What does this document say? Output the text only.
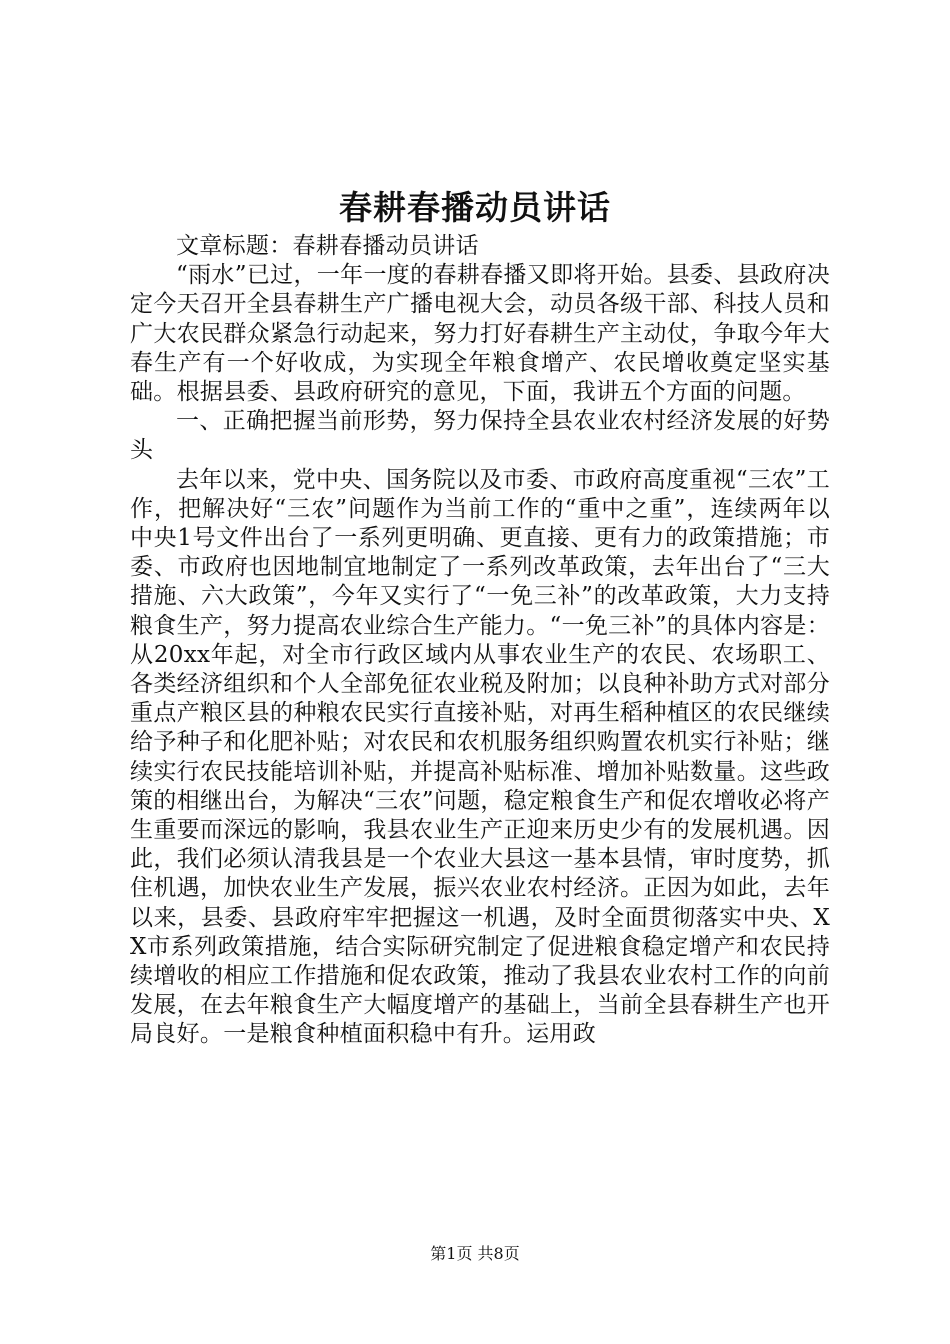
春耕春播动员讲话

文章标题：春耕春播动员讲话

“雨水”已过，一年一度的春耕春播又即将开始。县委、县政府决定今天召开全县春耕生产广播电视大会，动员各级干部、科技人员和广大农民群众紧急行动起来，努力打好春耕生产主动仗，争取今年大春生产有一个好收成，为实现全年粮食增产、农民增收奠定坚实基础。根据县委、县政府研究的意见，下面，我讲五个方面的问题。

一、正确把握当前形势，努力保持全县农业农村经济发展的好势头

去年以来，党中央、国务院以及市委、市政府高度重视“三农”工作，把解决好“三农”问题作为当前工作的“重中之重”，连续两年以中央1号文件出台了一系列更明确、更直接、更有力的政策措施；市委、市政府也因地制宜地制定了一系列改革政策，去年出台了“三大措施、六大政策”，今年又实行了“一免三补”的改革政策，大力支持粮食生产，努力提高农业综合生产能力。“一免三补”的具体内容是：从20xx年起，对全市行政区域内从事农业生产的农民、农场职工、各类经济组织和个人全部免征农业税及附加；以良种补助方式对部分重点产粮区县的种粮农民实行直接补贴，对再生稻种植区的农民继续给予种子和化肥补贴；对农民和农机服务组织购置农机实行补贴；继续实行农民技能培训补贴，并提高补贴标准、增加补贴数量。这些政策的相继出台，为解决“三农”问题，稳定粮食生产和促农增收必将产生重要而深远的影响，我县农业生产正迎来历史少有的发展机遇。因此，我们必须认清我县是一个农业大县这一基本县情，审时度势，抓住机遇，加快农业生产发展，振兴农业农村经济。正因为如此，去年以来，县委、县政府牢牢把握这一机遇，及时全面贯彻落实中央、XX市系列政策措施，结合实际研究制定了促进粮食稳定增产和农民持续增收的相应工作措施和促农政策，推动了我县农业农村工作的向前发展，在去年粮食生产大幅度增产的基础上，当前全县春耕生产也开局良好。一是粮食种植面积稳中有升。运用政

第1页 共8页
